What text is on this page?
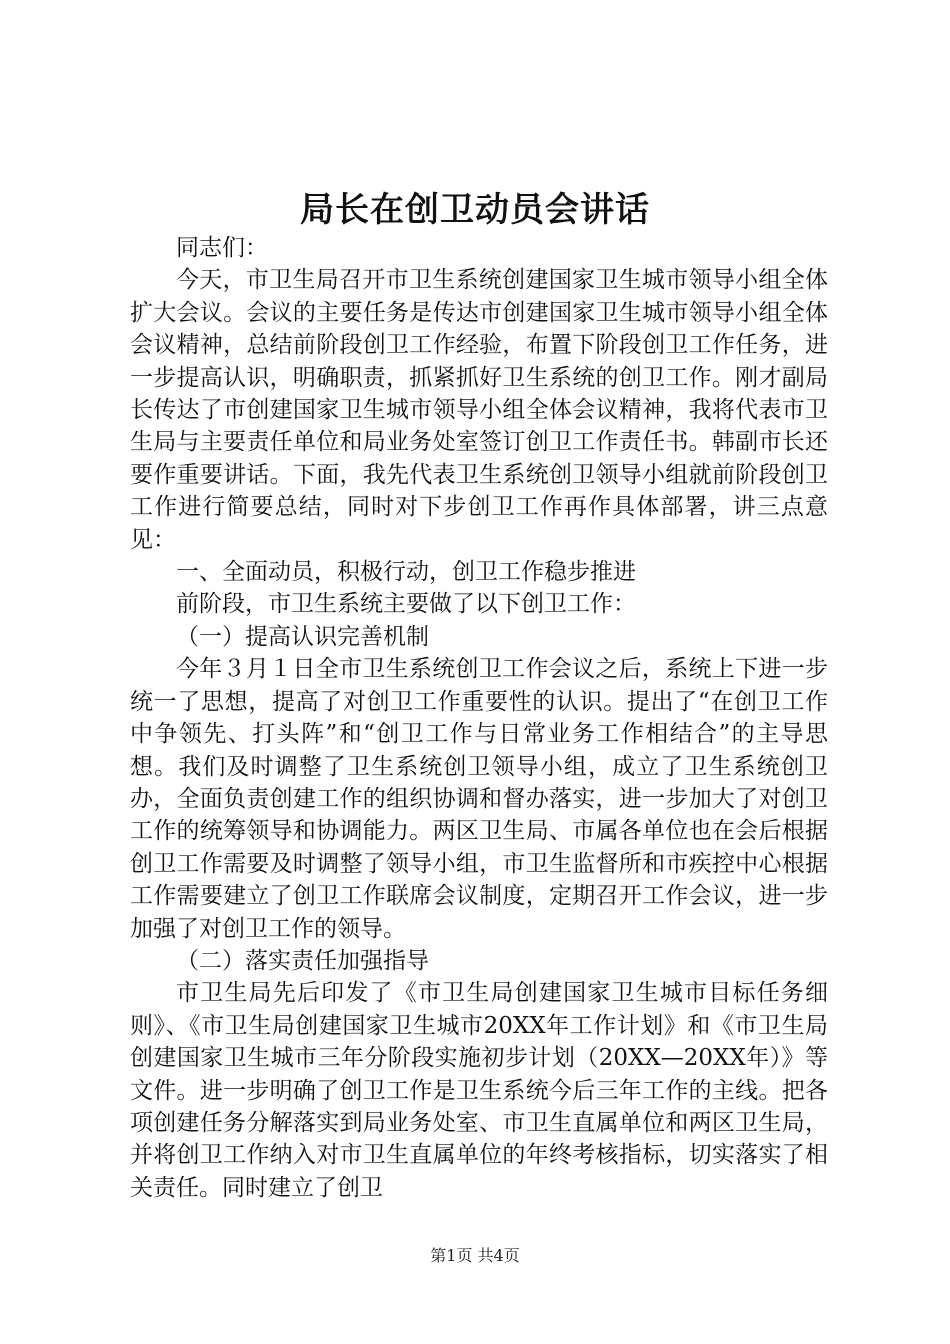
局长在创卫动员会讲话

同志们：

今天，市卫生局召开市卫生系统创建国家卫生城市领导小组全体扩大会议。会议的主要任务是传达市创建国家卫生城市领导小组全体会议精神，总结前阶段创卫工作经验，布置下阶段创卫工作任务，进一步提高认识，明确职责，抓紧抓好卫生系统的创卫工作。刚才副局长传达了市创建国家卫生城市领导小组全体会议精神，我将代表市卫生局与主要责任单位和局业务处室签订创卫工作责任书。韩副市长还要作重要讲话。下面，我先代表卫生系统创卫领导小组就前阶段创卫工作进行简要总结，同时对下步创卫工作再作具体部署，讲三点意见：

一、全面动员，积极行动，创卫工作稳步推进

前阶段，市卫生系统主要做了以下创卫工作：

（一）提高认识完善机制

今年３月１日全市卫生系统创卫工作会议之后，系统上下进一步统一了思想，提高了对创卫工作重要性的认识。提出了“在创卫工作中争领先、打头阵”和“创卫工作与日常业务工作相结合”的主导思想。我们及时调整了卫生系统创卫领导小组，成立了卫生系统创卫办，全面负责创建工作的组织协调和督办落实，进一步加大了对创卫工作的统筹领导和协调能力。两区卫生局、市属各单位也在会后根据创卫工作需要及时调整了领导小组，市卫生监督所和市疾控中心根据工作需要建立了创卫工作联席会议制度，定期召开工作会议，进一步加强了对创卫工作的领导。

（二）落实责任加强指导

市卫生局先后印发了《市卫生局创建国家卫生城市目标任务细则》、《市卫生局创建国家卫生城市20XX年工作计划》和《市卫生局创建国家卫生城市三年分阶段实施初步计划（20XX—20XX年）》等文件。进一步明确了创卫工作是卫生系统今后三年工作的主线。把各项创建任务分解落实到局业务处室、市卫生直属单位和两区卫生局，并将创卫工作纳入对市卫生直属单位的年终考核指标，切实落实了相关责任。同时建立了创卫

第1页 共4页
